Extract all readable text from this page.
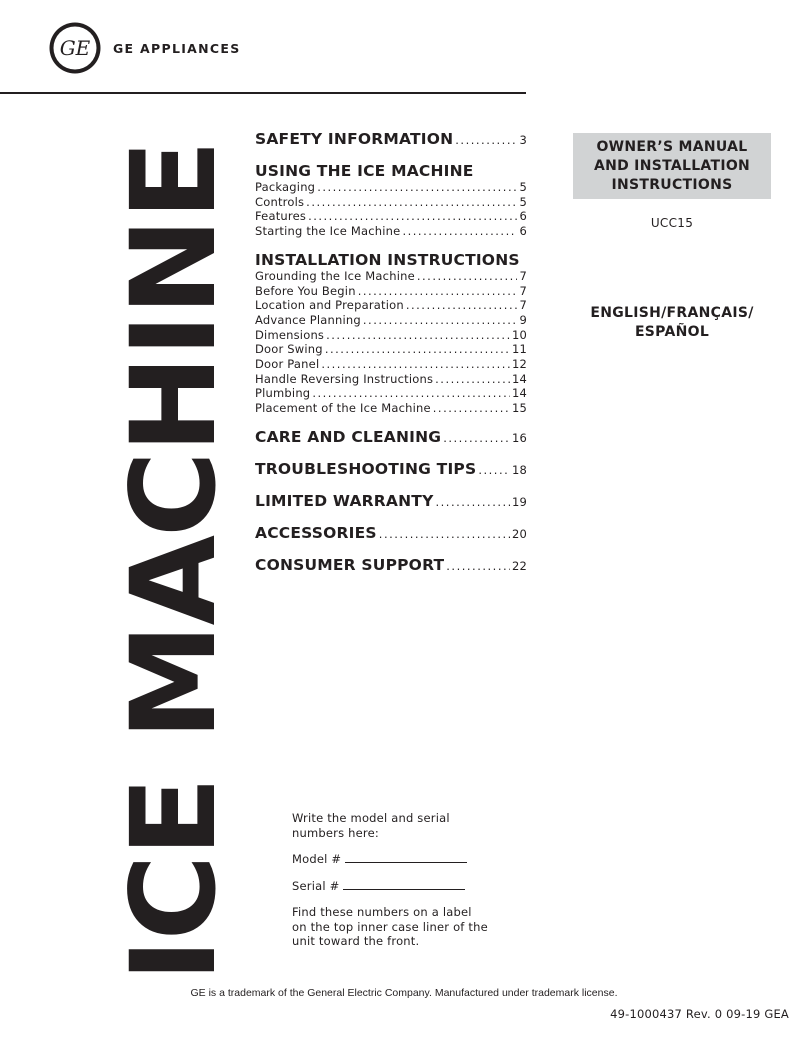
GE GE APPLIANCES
ICE MACHINE
SAFETY INFORMATION .....	3
USING THE ICE MACHINE
Packaging .....	5
Controls .....	5
Features .....	6
Starting the Ice Machine .....	6
INSTALLATION INSTRUCTIONS
Grounding the Ice Machine .....	7
Before You Begin .....	7
Location and Preparation .....	7
Advance Planning .....	9
Dimensions .....	10
Door Swing .....	11
Door Panel .....	12
Handle Reversing Instructions .....	14
Plumbing .....	14
Placement of the Ice Machine .....	15
CARE AND CLEANING .....	16
TROUBLESHOOTING TIPS .....	18
LIMITED WARRANTY .....	19
ACCESSORIES .....	20
CONSUMER SUPPORT .....	22
OWNER’S MANUAL
AND INSTALLATION
INSTRUCTIONS
UCC15
ENGLISH/FRANÇAIS/
ESPAÑOL

Write the model and serial

numbers here:

Model #

Serial #

Find these numbers on a label

on the top inner case liner of the

unit toward the front.

GE is a trademark of the General Electric Company. Manufactured under trademark license.
49-1000437 Rev. 0 09-19 GEA
